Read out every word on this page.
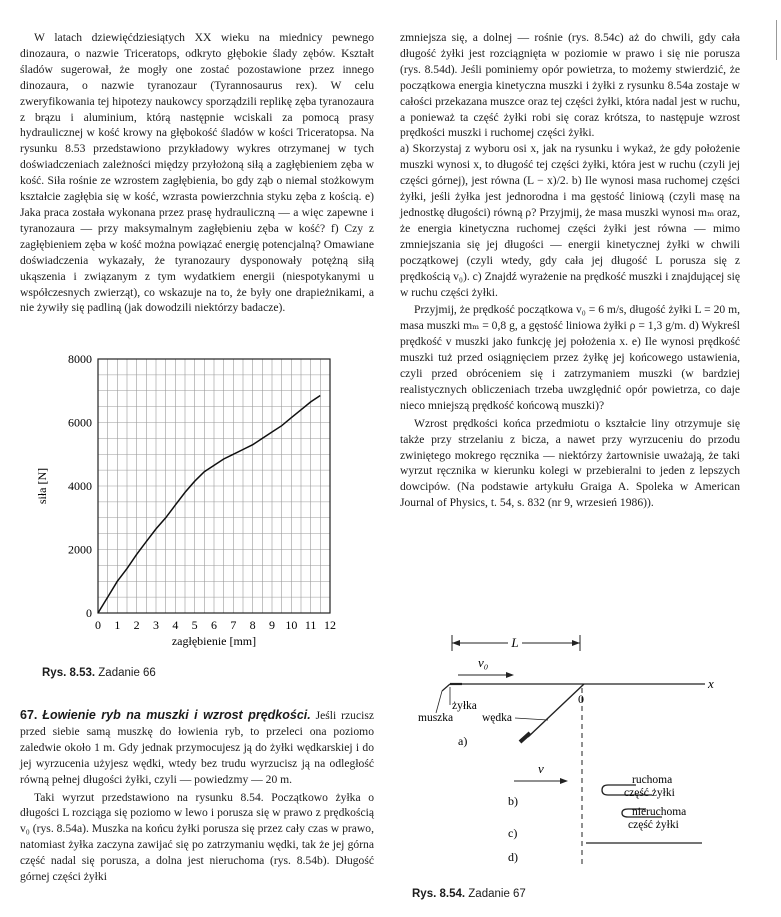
W latach dziewięćdziesiątych XX wieku na miednicy pewnego dinozaura, o nazwie Triceratops, odkryto głębokie ślady zębów. Kształt śladów sugerował, że mogły one zostać pozostawione przez innego dinozaura, o nazwie tyranozaur (Tyrannosaurus rex). W celu zweryfikowania tej hipotezy naukowcy sporządzili replikę zęba tyranozaura z brązu i aluminium, którą następnie wciskali za pomocą prasy hydraulicznej w kość krowy na głębokość śladów w kości Triceratopsa. Na rysunku 8.53 przedstawiono przykładowy wykres otrzymanej w tych doświadczeniach zależności między przyłożoną siłą a zagłębieniem zęba w kość. Siła rośnie ze wzrostem zagłębienia, bo gdy ząb o niemal stożkowym kształcie zagłębia się w kość, wzrasta powierzchnia styku zęba z kością. e) Jaka praca została wykonana przez prasę hydrauliczną — a więc zapewne i tyranozaura — przy maksymalnym zagłębieniu zęba w kość? f) Czy z zagłębieniem zęba w kość można powiązać energię potencjalną? Omawiane doświadczenia wykazały, że tyranozaury dysponowały potężną siłą ukąszenia i związanym z tym wydatkiem energii (niespotykanymi u współczesnych zwierząt), co wskazuje na to, że były one drapieżnikami, a nie żywiły się padliną (jak dowodzili niektórzy badacze).

0 1 2 3 4 5 6 7 8 9 10 11 12
0
2000
4000
6000
8000
zagłębienie [mm]
siła [N]
Rys. 8.53. Zadanie 66

67. Łowienie ryb na muszki i wzrost prędkości. Jeśli rzucisz przed siebie samą muszkę do łowienia ryb, to przeleci ona poziomo zaledwie około 1 m. Gdy jednak przymocujesz ją do żyłki wędkarskiej i do jej wyrzucenia użyjesz wędki, wtedy bez trudu wyrzucisz ją na odległość równą pełnej długości żyłki, czyli — powiedzmy — 20 m.

Taki wyrzut przedstawiono na rysunku 8.54. Początkowo żyłka o długości L rozciąga się poziomo w lewo i porusza się w prawo z prędkością v₀ (rys. 8.54a). Muszka na końcu żyłki porusza się przez cały czas w prawo, natomiast żyłka zaczyna zawijać się po zatrzymaniu wędki, tak że jej górna część nadal się porusza, a dolna jest nieruchoma (rys. 8.54b). Długość górnej części żyłki

zmniejsza się, a dolnej — rośnie (rys. 8.54c) aż do chwili, gdy cała długość żyłki jest rozciągnięta w poziomie w prawo i się nie porusza (rys. 8.54d). Jeśli pominiemy opór powietrza, to możemy stwierdzić, że początkowa energia kinetyczna muszki i żyłki z rysunku 8.54a zostaje w całości przekazana muszce oraz tej części żyłki, która nadal jest w ruchu, a ponieważ ta część żyłki robi się coraz krótsza, to następuje wzrost prędkości muszki i ruchomej części żyłki.

a) Skorzystaj z wyboru osi x, jak na rysunku i wykaż, że gdy położenie muszki wynosi x, to długość tej części żyłki, która jest w ruchu (czyli jej części górnej), jest równa (L − x)/2. b) Ile wynosi masa ruchomej części żyłki, jeśli żyłka jest jednorodna i ma gęstość liniową (czyli masę na jednostkę długości) równą ρ? Przyjmij, że masa muszki wynosi mₘ oraz, że energia kinetyczna ruchomej części żyłki jest równa — mimo zmniejszania się jej długości — energii kinetycznej żyłki w chwili początkowej (czyli wtedy, gdy cała jej długość L porusza się z prędkością v₀). c) Znajdź wyrażenie na prędkość muszki i znajdującej się w ruchu części żyłki.

Przyjmij, że prędkość początkowa v₀ = 6 m/s, długość żyłki L = 20 m, masa muszki mₘ = 0,8 g, a gęstość liniowa żyłki ρ = 1,3 g/m. d) Wykreśl prędkość v muszki jako funkcję jej położenia x. e) Ile wynosi prędkość muszki tuż przed osiągnięciem przez żyłkę jej końcowego ustawienia, czyli przed obróceniem się i zatrzymaniem muszki (w bardziej realistycznych obliczeniach trzeba uwzględnić opór powietrza, co daje nieco mniejszą prędkość końcową muszki)?

Wzrost prędkości końca przedmiotu o kształcie liny otrzymuje się także przy strzelaniu z bicza, a nawet przy wyrzuceniu do przodu zwiniętego mokrego ręcznika — niektórzy żartownisie uważają, że taki wyrzut ręcznika w kierunku kolegi w przebieralni to jeden z lepszych dowcipów. (Na podstawie artykułu Graiga A. Spoleka w American Journal of Physics, t. 54, s. 832 (nr 9, wrzesień 1986)).

L
v₀
x
0
żyłka
muszka	wędka
a)
v
b)
ruchoma
część żyłki
nieruchoma
część żyłki
c)
d)
Rys. 8.54. Zadanie 67
